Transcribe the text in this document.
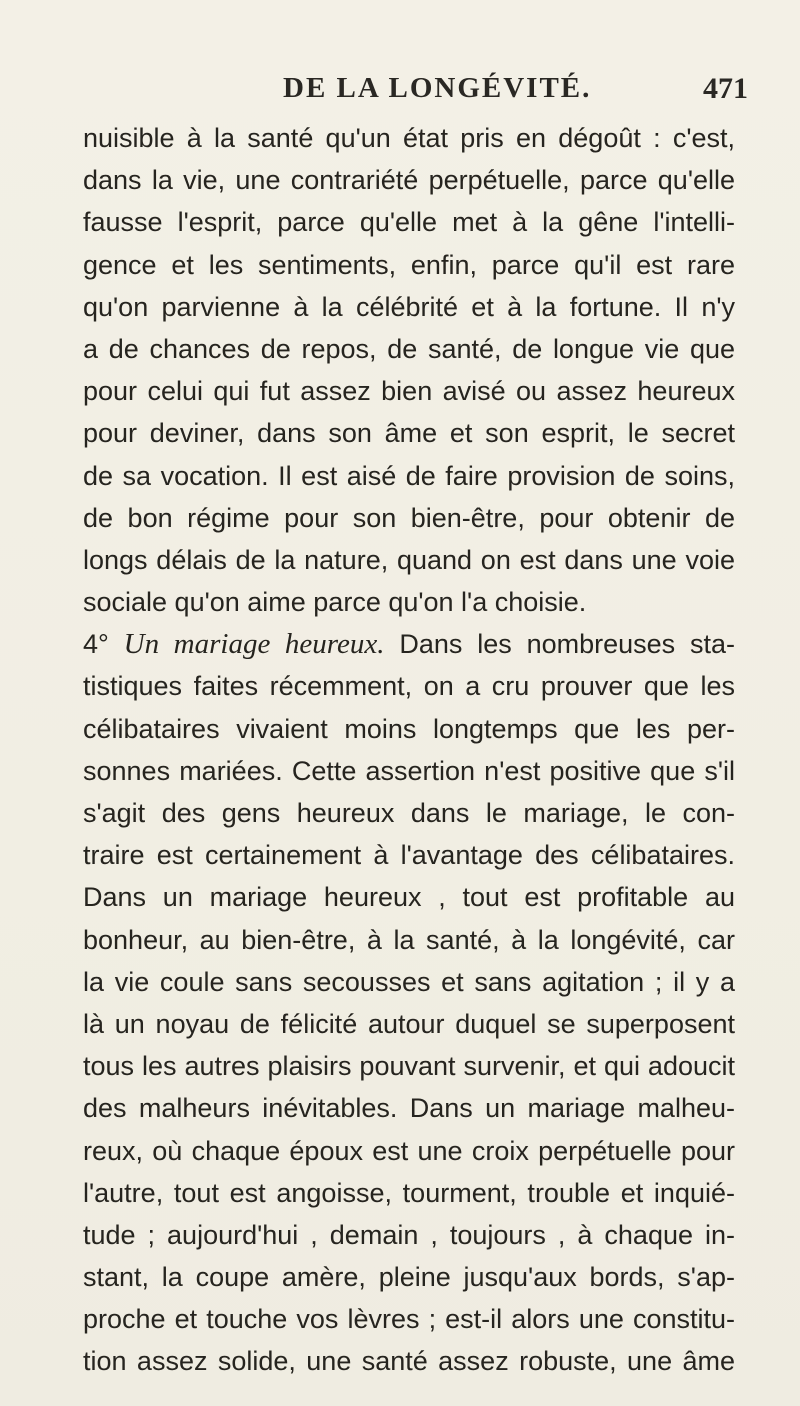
DE LA LONGÉVITÉ.	471
nuisible à la santé qu'un état pris en dégoût : c'est,
dans la vie, une contrariété perpétuelle, parce qu'elle
fausse l'esprit, parce qu'elle met à la gêne l'intelli-
gence et les sentiments, enfin, parce qu'il est rare
qu'on parvienne à la célébrité et à la fortune. Il n'y
a de chances de repos, de santé, de longue vie que
pour celui qui fut assez bien avisé ou assez heureux
pour deviner, dans son âme et son esprit, le secret
de sa vocation. Il est aisé de faire provision de soins,
de bon régime pour son bien-être, pour obtenir de
longs délais de la nature, quand on est dans une voie
sociale qu'on aime parce qu'on l'a choisie.
4° Un mariage heureux. Dans les nombreuses sta-
tistiques faites récemment, on a cru prouver que les
célibataires vivaient moins longtemps que les per-
sonnes mariées. Cette assertion n'est positive que s'il
s'agit des gens heureux dans le mariage, le con-
traire est certainement à l'avantage des célibataires.
Dans un mariage heureux , tout est profitable au
bonheur, au bien-être, à la santé, à la longévité, car
la vie coule sans secousses et sans agitation ; il y a
là un noyau de félicité autour duquel se superposent
tous les autres plaisirs pouvant survenir, et qui adoucit
des malheurs inévitables. Dans un mariage malheu-
reux, où chaque époux est une croix perpétuelle pour
l'autre, tout est angoisse, tourment, trouble et inquié-
tude ; aujourd'hui , demain , toujours , à chaque in-
stant, la coupe amère, pleine jusqu'aux bords, s'ap-
proche et touche vos lèvres ; est-il alors une constitu-
tion assez solide, une santé assez robuste, une âme
